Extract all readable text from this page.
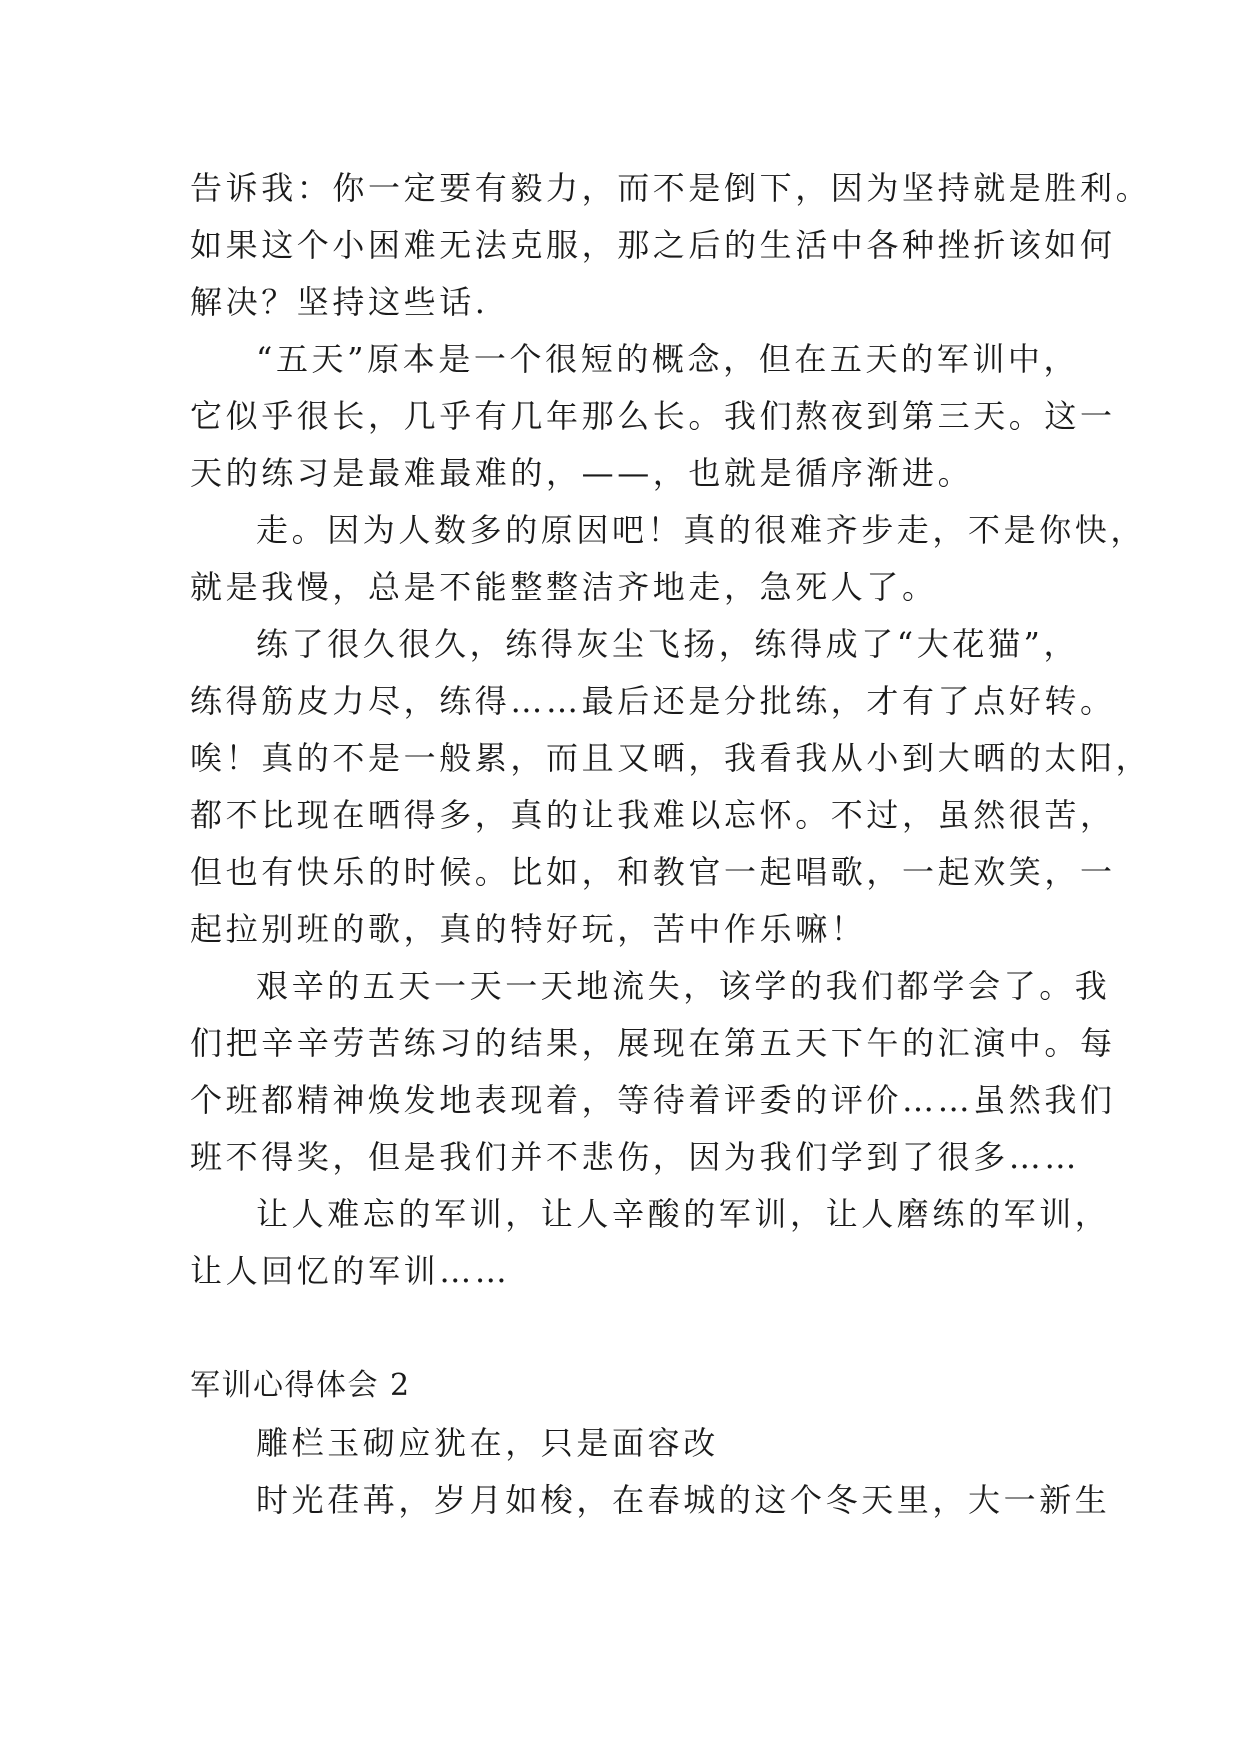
告诉我：你一定要有毅力，而不是倒下，因为坚持就是胜利。
如果这个小困难无法克服，那之后的生活中各种挫折该如何
解决？坚持这些话.
“五天”原本是一个很短的概念，但在五天的军训中，
它似乎很长，几乎有几年那么长。我们熬夜到第三天。这一
天的练习是最难最难的，——，也就是循序渐进。
走。因为人数多的原因吧！真的很难齐步走，不是你快，
就是我慢，总是不能整整洁齐地走，急死人了。
练了很久很久，练得灰尘飞扬，练得成了“大花猫”，
练得筋皮力尽，练得……最后还是分批练，才有了点好转。
唉！真的不是一般累，而且又晒，我看我从小到大晒的太阳，
都不比现在晒得多，真的让我难以忘怀。不过，虽然很苦，
但也有快乐的时候。比如，和教官一起唱歌，一起欢笑，一
起拉别班的歌，真的特好玩，苦中作乐嘛！
艰辛的五天一天一天地流失，该学的我们都学会了。我
们把辛辛劳苦练习的结果，展现在第五天下午的汇演中。每
个班都精神焕发地表现着，等待着评委的评价……虽然我们
班不得奖，但是我们并不悲伤，因为我们学到了很多……
让人难忘的军训，让人辛酸的军训，让人磨练的军训，
让人回忆的军训……
军训心得体会 2
雕栏玉砌应犹在，只是面容改
时光荏苒，岁月如梭，在春城的这个冬天里，大一新生
